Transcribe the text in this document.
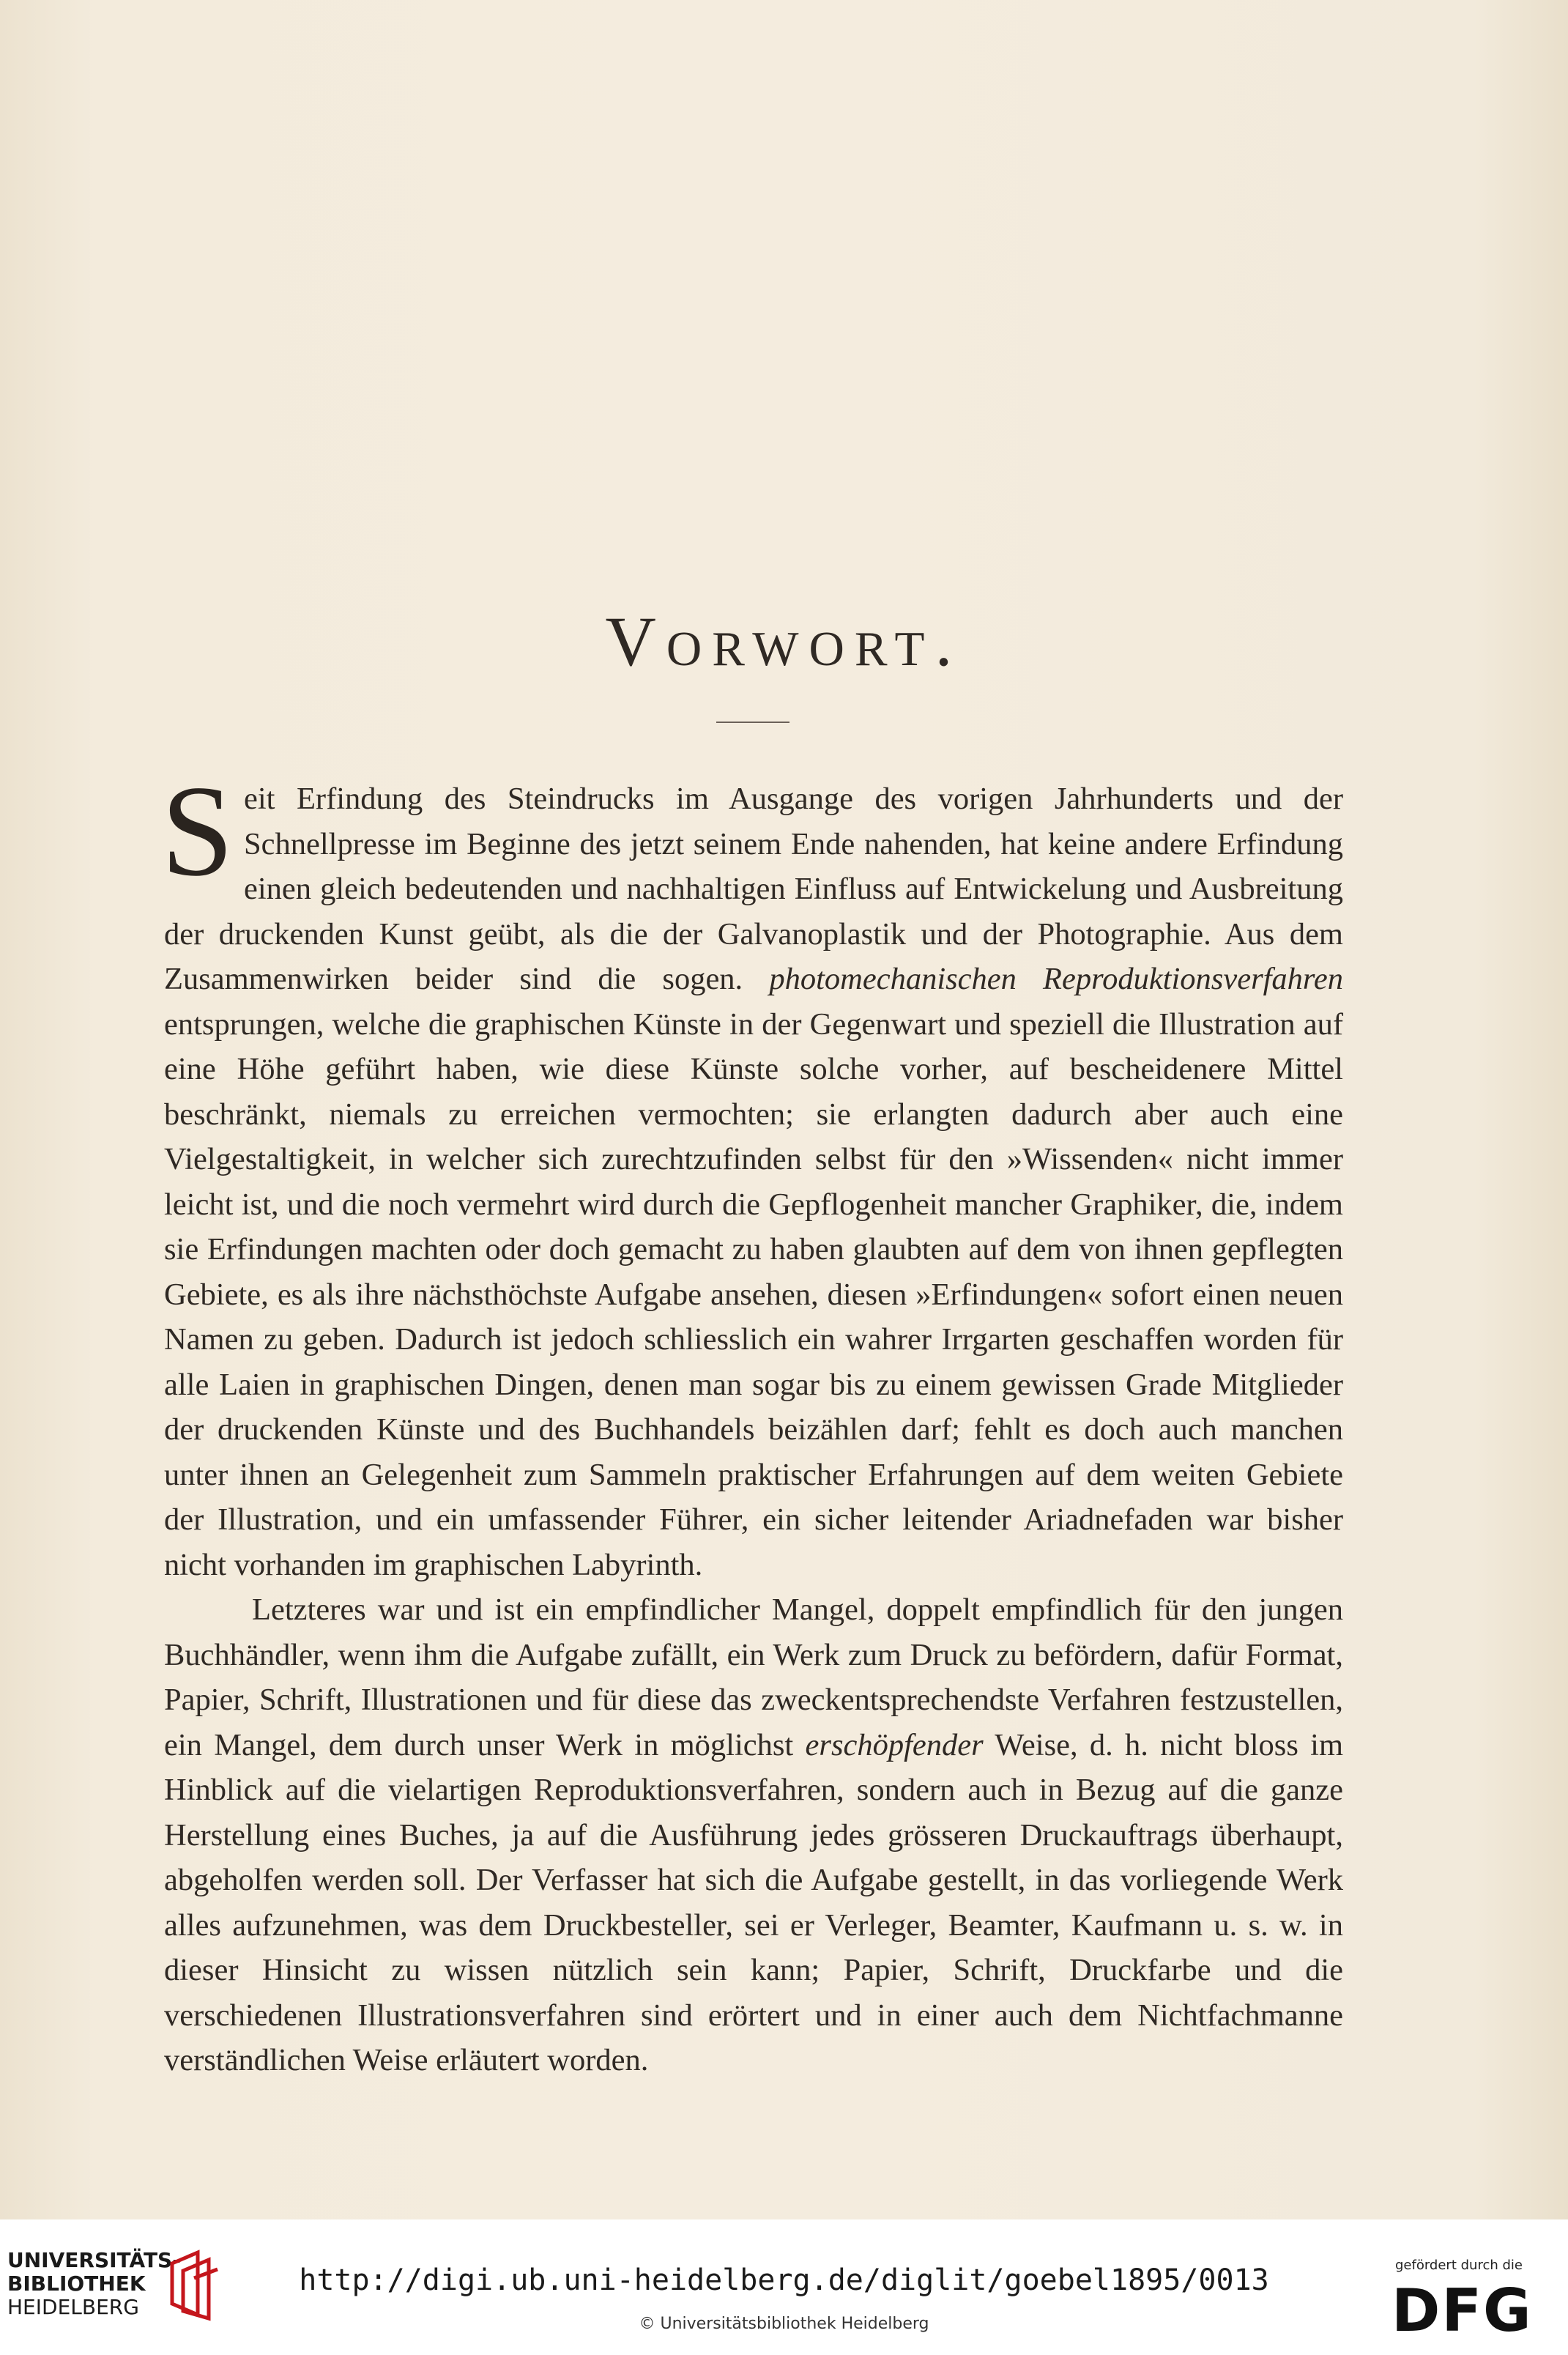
Vorwort.

Seit Erfindung des Steindrucks im Ausgange des vorigen Jahrhunderts und der Schnellpresse im Beginne des jetzt seinem Ende nahenden, hat keine andere Erfindung einen gleich bedeutenden und nachhaltigen Einfluss auf Entwickelung und Ausbreitung der druckenden Kunst geübt, als die der Galvanoplastik und der Photographie. Aus dem Zusammenwirken beider sind die sogen. photomechanischen Reproduktionsverfahren entsprungen, welche die graphischen Künste in der Gegenwart und speziell die Illustration auf eine Höhe geführt haben, wie diese Künste solche vorher, auf bescheidenere Mittel beschränkt, niemals zu erreichen vermochten; sie erlangten dadurch aber auch eine Vielgestaltigkeit, in welcher sich zurechtzufinden selbst für den »Wissenden« nicht immer leicht ist, und die noch vermehrt wird durch die Gepflogenheit mancher Graphiker, die, indem sie Erfindungen machten oder doch gemacht zu haben glaubten auf dem von ihnen gepflegten Gebiete, es als ihre nächsthöchste Aufgabe ansehen, diesen »Erfindungen« sofort einen neuen Namen zu geben. Dadurch ist jedoch schliesslich ein wahrer Irrgarten geschaffen worden für alle Laien in graphischen Dingen, denen man sogar bis zu einem gewissen Grade Mitglieder der druckenden Künste und des Buchhandels beizählen darf; fehlt es doch auch manchen unter ihnen an Gelegenheit zum Sammeln praktischer Erfahrungen auf dem weiten Gebiete der Illustration, und ein umfassender Führer, ein sicher leitender Ariadnefaden war bisher nicht vorhanden im graphischen Labyrinth.

Letzteres war und ist ein empfindlicher Mangel, doppelt empfindlich für den jungen Buchhändler, wenn ihm die Aufgabe zufällt, ein Werk zum Druck zu befördern, dafür Format, Papier, Schrift, Illustrationen und für diese das zweckentsprechendste Verfahren festzustellen, ein Mangel, dem durch unser Werk in möglichst erschöpfender Weise, d. h. nicht bloss im Hinblick auf die vielartigen Reproduktionsverfahren, sondern auch in Bezug auf die ganze Herstellung eines Buches, ja auf die Ausführung jedes grösseren Druckauftrags überhaupt, abgeholfen werden soll. Der Verfasser hat sich die Aufgabe gestellt, in das vorliegende Werk alles aufzunehmen, was dem Druckbesteller, sei er Verleger, Beamter, Kaufmann u. s. w. in dieser Hinsicht zu wissen nützlich sein kann; Papier, Schrift, Druckfarbe und die verschiedenen Illustrationsverfahren sind erörtert und in einer auch dem Nichtfachmanne verständlichen Weise erläutert worden.

UNIVERSITÄTS-
BIBLIOTHEK
HEIDELBERG
http://digi.ub.uni-heidelberg.de/diglit/goebel1895/0013
© Universitätsbibliothek Heidelberg
gefördert durch die
DFG
